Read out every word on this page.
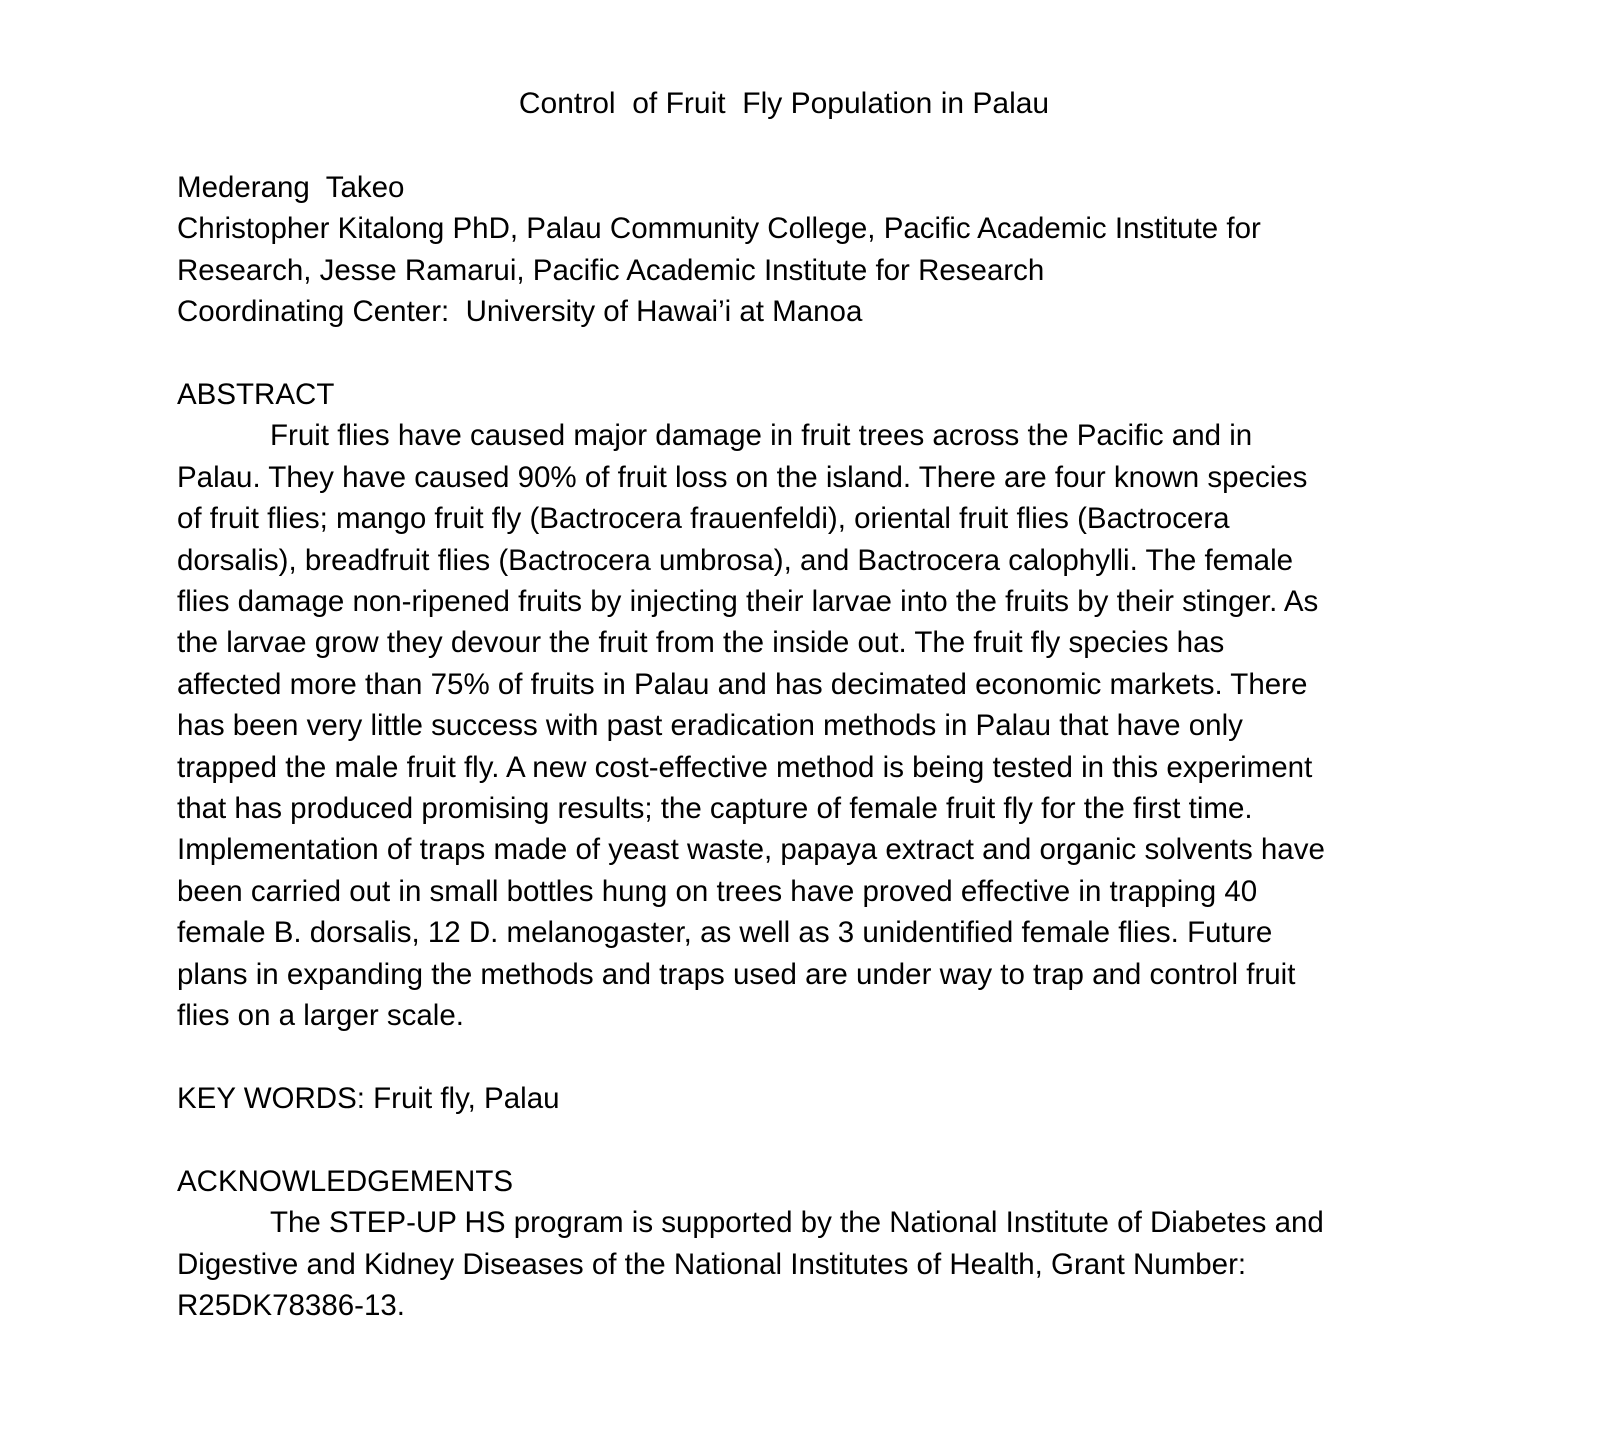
Control  of Fruit  Fly Population in Palau

Mederang  Takeo

Christopher Kitalong PhD, Palau Community College, Pacific Academic Institute for

Research, Jesse Ramarui, Pacific Academic Institute for Research

Coordinating Center:  University of Hawai’i at Manoa

ABSTRACT

Fruit flies have caused major damage in fruit trees across the Pacific and in

Palau. They have caused 90% of fruit loss on the island. There are four known species

of fruit flies; mango fruit fly (Bactrocera frauenfeldi), oriental fruit flies (Bactrocera

dorsalis), breadfruit flies (Bactrocera umbrosa), and Bactrocera calophylli. The female

flies damage non-ripened fruits by injecting their larvae into the fruits by their stinger. As

the larvae grow they devour the fruit from the inside out. The fruit fly species has

affected more than 75% of fruits in Palau and has decimated economic markets. There

has been very little success with past eradication methods in Palau that have only

trapped the male fruit fly. A new cost-effective method is being tested in this experiment

that has produced promising results; the capture of female fruit fly for the first time.

Implementation of traps made of yeast waste, papaya extract and organic solvents have

been carried out in small bottles hung on trees have proved effective in trapping 40

female B. dorsalis, 12 D. melanogaster, as well as 3 unidentified female flies. Future

plans in expanding the methods and traps used are under way to trap and control fruit

flies on a larger scale.

KEY WORDS: Fruit fly, Palau

ACKNOWLEDGEMENTS

The STEP-UP HS program is supported by the National Institute of Diabetes and

Digestive and Kidney Diseases of the National Institutes of Health, Grant Number:

R25DK78386-13.
